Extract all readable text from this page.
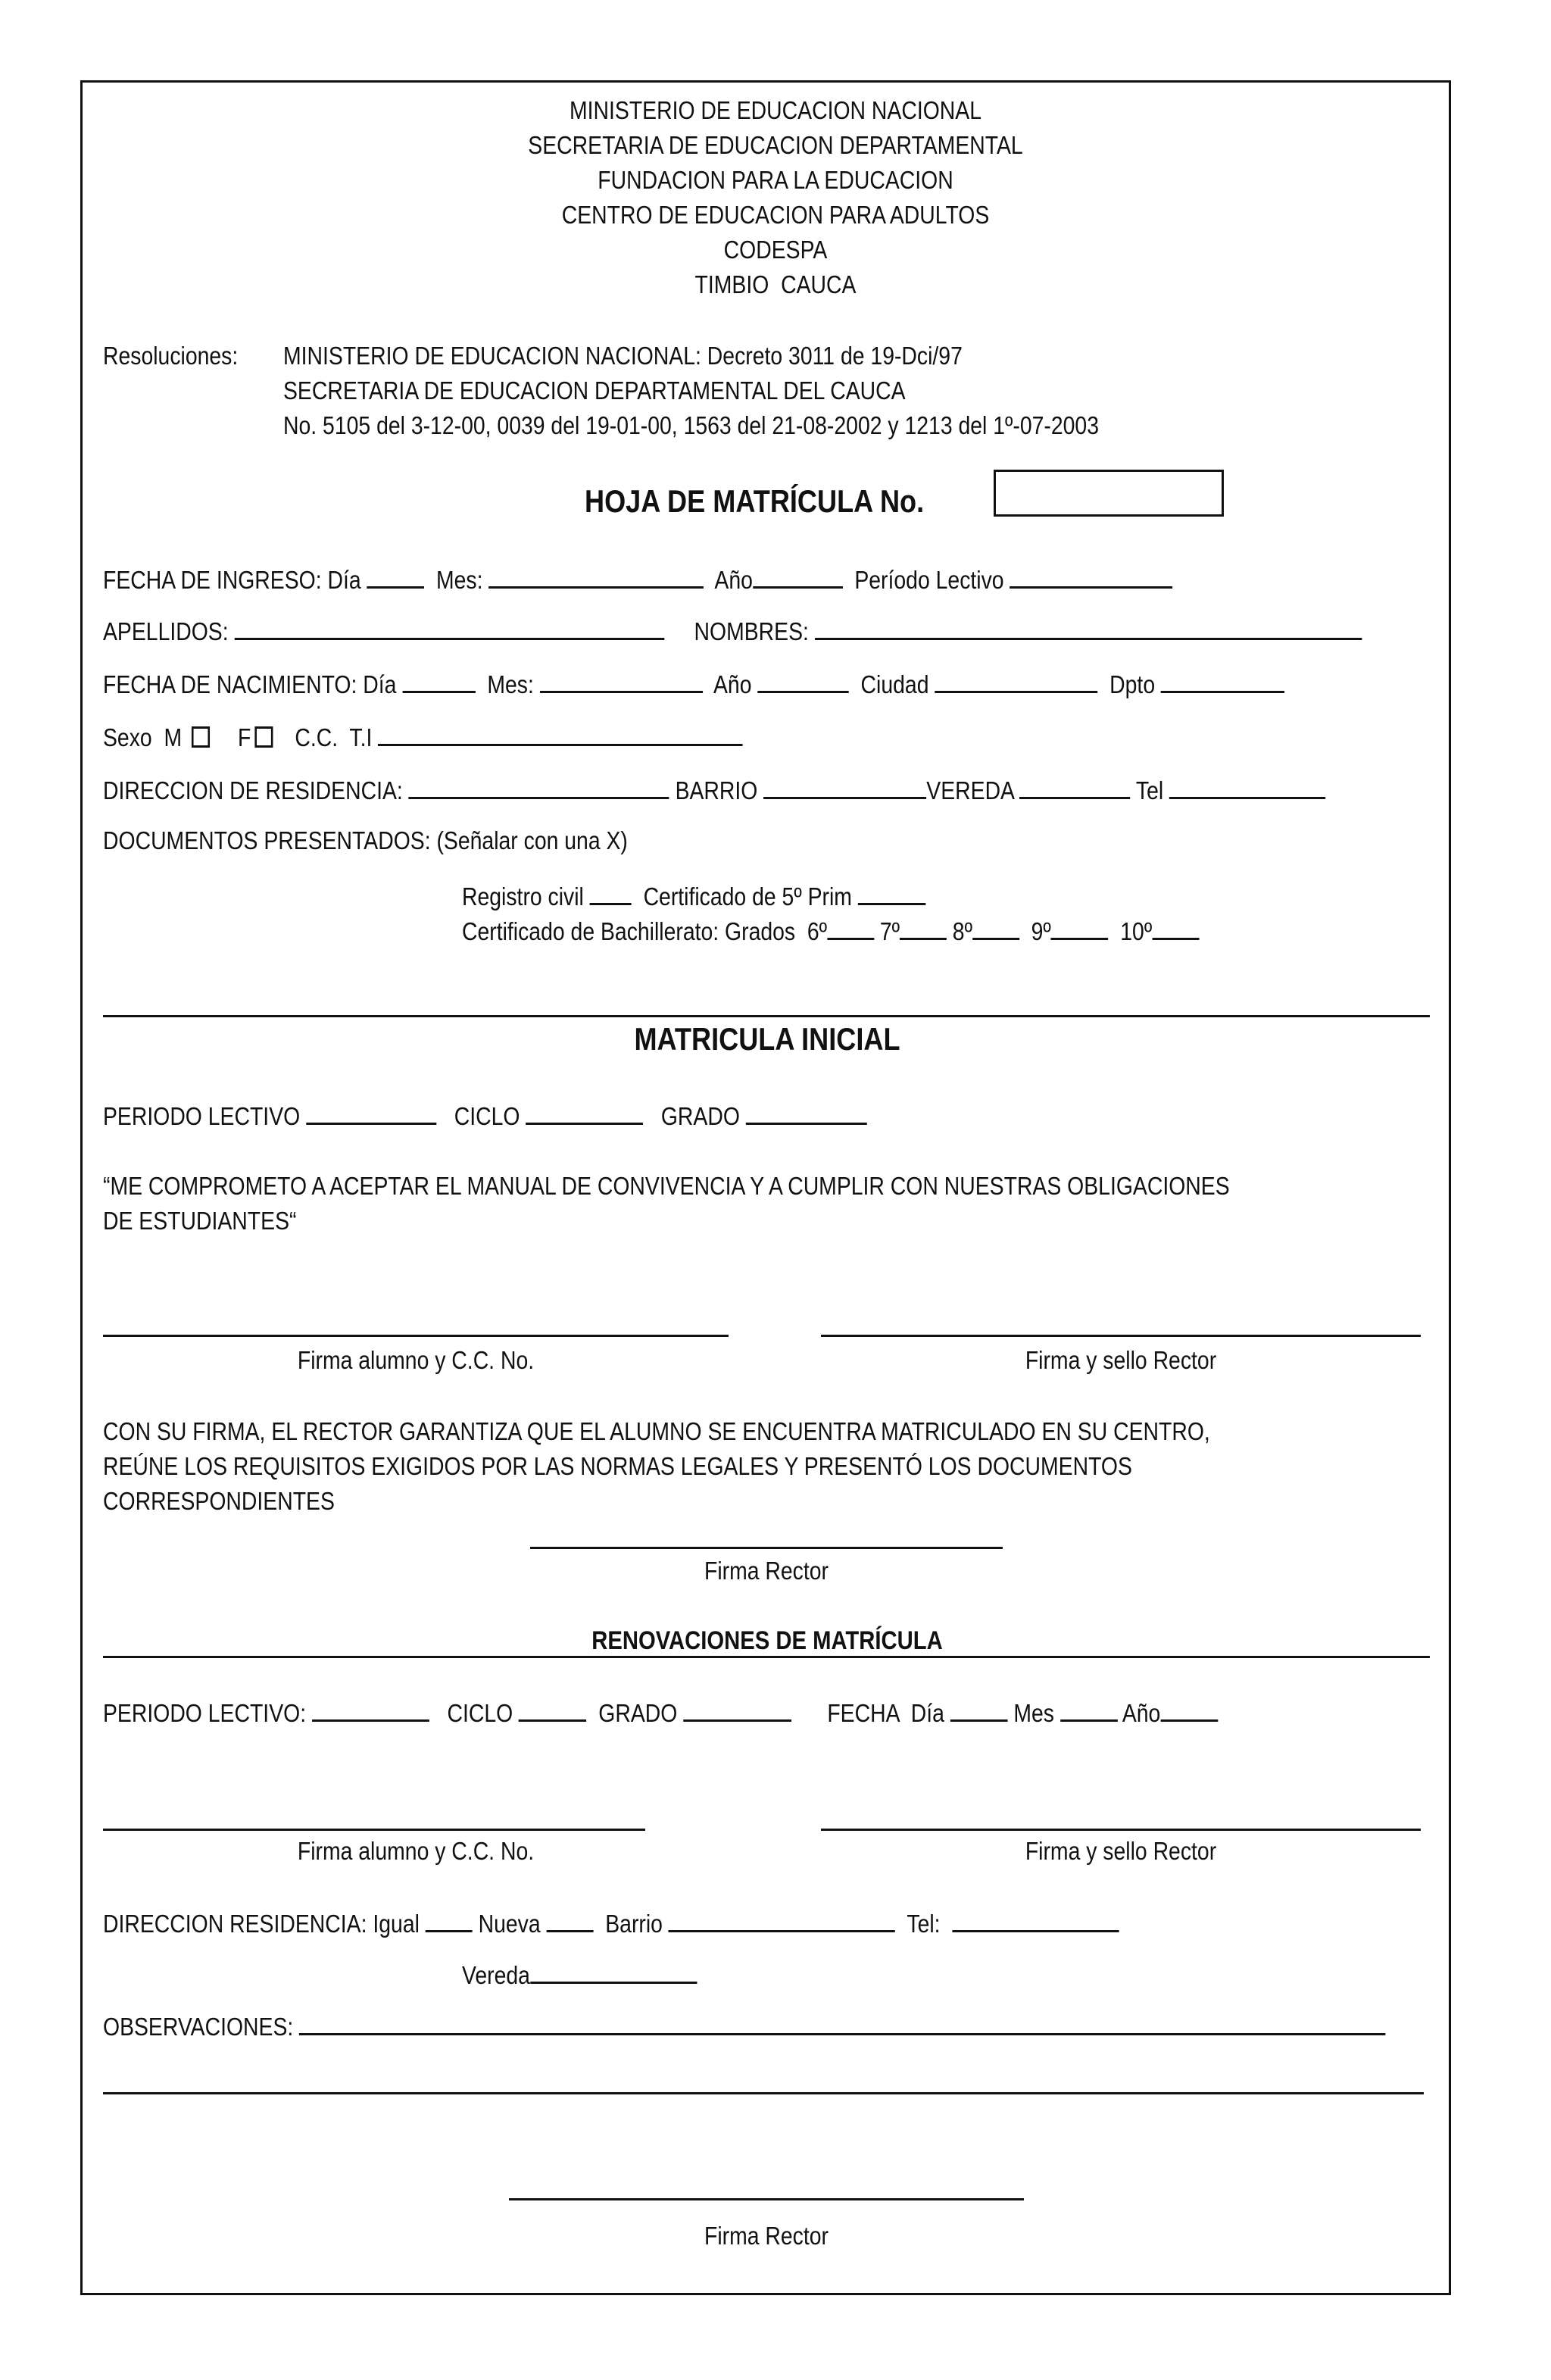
MINISTERIO DE EDUCACION NACIONAL
SECRETARIA DE EDUCACION DEPARTAMENTAL
FUNDACION PARA LA EDUCACION
CENTRO DE EDUCACION PARA ADULTOS
CODESPA
TIMBIO  CAUCA
Resoluciones: MINISTERIO DE EDUCACION NACIONAL: Decreto 3011 de 19-Dci/97
SECRETARIA DE EDUCACION DEPARTAMENTAL DEL CAUCA
No. 5105 del 3-12-00, 0039 del 19-01-00, 1563 del 21-08-2002 y 1213 del 1º-07-2003
HOJA DE MATRÍCULA No.
FECHA DE INGRESO: Día	Mes:	Año	Período Lectivo
APELLIDOS:	NOMBRES:
FECHA DE NACIMIENTO: Día	Mes:	Año	Ciudad	Dpto
Sexo M F C.C. T.I
DIRECCION DE RESIDENCIA:	BARRIO	VEREDA	Tel
DOCUMENTOS PRESENTADOS: (Señalar con una X)
Registro civil Certificado de 5º Prim
Certificado de Bachillerato: Grados 6º 7º 8º 9º	10º
MATRICULA INICIAL
PERIODO LECTIVO	CICLO	GRADO
“ME COMPROMETO A ACEPTAR EL MANUAL DE CONVIVENCIA Y A CUMPLIR CON NUESTRAS OBLIGACIONES
DE ESTUDIANTES“
Firma alumno y C.C. No.	Firma y sello Rector
CON SU FIRMA, EL RECTOR GARANTIZA QUE EL ALUMNO SE ENCUENTRA MATRICULADO EN SU CENTRO,
REÚNE LOS REQUISITOS EXIGIDOS POR LAS NORMAS LEGALES Y PRESENTÓ LOS DOCUMENTOS
CORRESPONDIENTES
Firma Rector
RENOVACIONES DE MATRÍCULA
PERIODO LECTIVO:	CICLO	GRADO	FECHA  Día	Mes	Año
Firma alumno y C.C. No.	Firma y sello Rector
DIRECCION RESIDENCIA: Igual Nueva	Barrio	Tel:
Vereda
OBSERVACIONES:
Firma Rector
